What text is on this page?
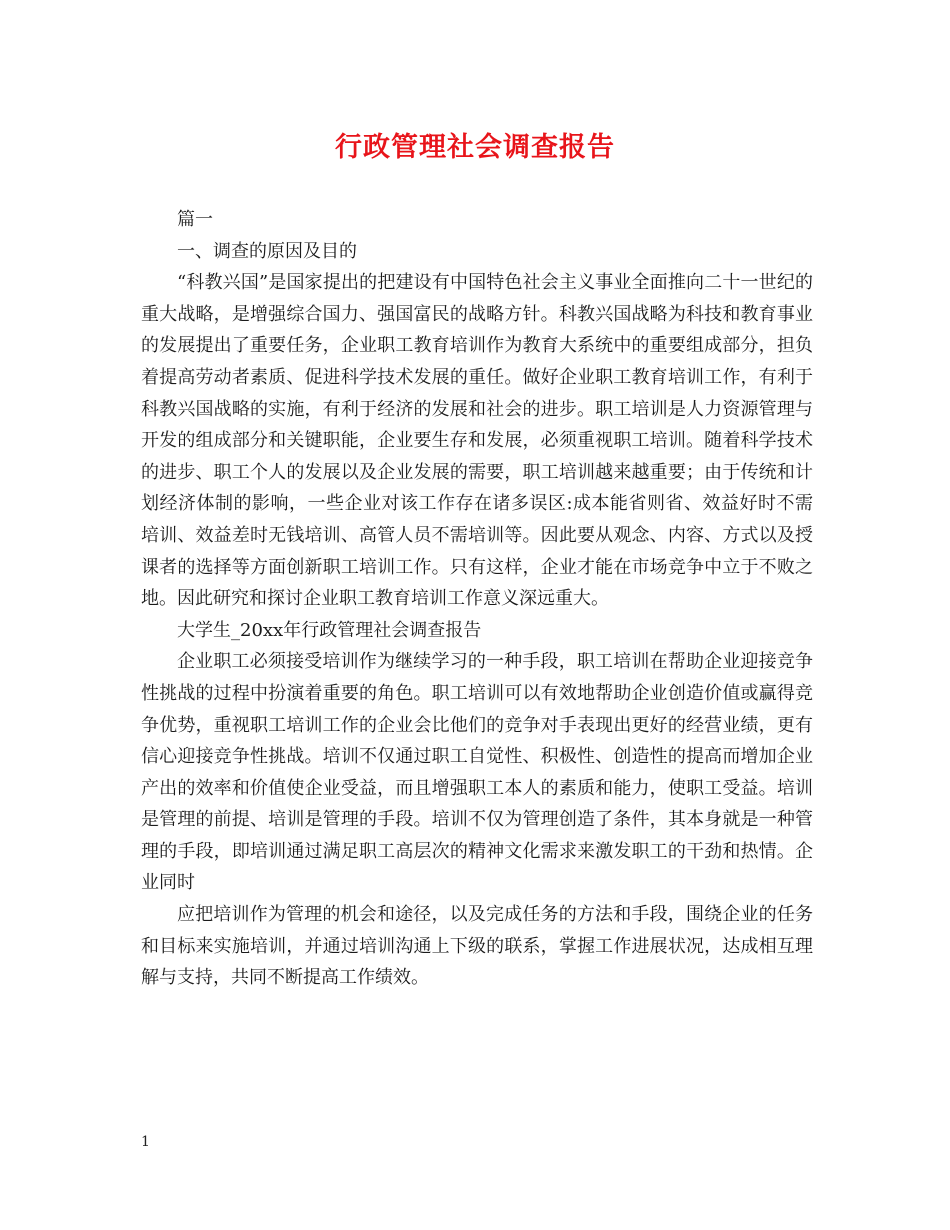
行政管理社会调查报告

篇一

一、调查的原因及目的

“科教兴国”是国家提出的把建设有中国特色社会主义事业全面推向二十一世纪的重大战略，是增强综合国力、强国富民的战略方针。科教兴国战略为科技和教育事业的发展提出了重要任务，企业职工教育培训作为教育大系统中的重要组成部分，担负着提高劳动者素质、促进科学技术发展的重任。做好企业职工教育培训工作，有利于科教兴国战略的实施，有利于经济的发展和社会的进步。职工培训是人力资源管理与开发的组成部分和关键职能，企业要生存和发展，必须重视职工培训。随着科学技术的进步、职工个人的发展以及企业发展的需要，职工培训越来越重要；由于传统和计划经济体制的影响，一些企业对该工作存在诸多误区:成本能省则省、效益好时不需培训、效益差时无钱培训、高管人员不需培训等。因此要从观念、内容、方式以及授课者的选择等方面创新职工培训工作。只有这样，企业才能在市场竞争中立于不败之地。因此研究和探讨企业职工教育培训工作意义深远重大。

大学生_20xx年行政管理社会调查报告

企业职工必须接受培训作为继续学习的一种手段，职工培训在帮助企业迎接竞争性挑战的过程中扮演着重要的角色。职工培训可以有效地帮助企业创造价值或赢得竞争优势，重视职工培训工作的企业会比他们的竞争对手表现出更好的经营业绩，更有信心迎接竞争性挑战。培训不仅通过职工自觉性、积极性、创造性的提高而增加企业产出的效率和价值使企业受益，而且增强职工本人的素质和能力，使职工受益。培训是管理的前提、培训是管理的手段。培训不仅为管理创造了条件，其本身就是一种管理的手段，即培训通过满足职工高层次的精神文化需求来激发职工的干劲和热情。企业同时

应把培训作为管理的机会和途径，以及完成任务的方法和手段，围绕企业的任务和目标来实施培训，并通过培训沟通上下级的联系，掌握工作进展状况，达成相互理解与支持，共同不断提高工作绩效。

1
